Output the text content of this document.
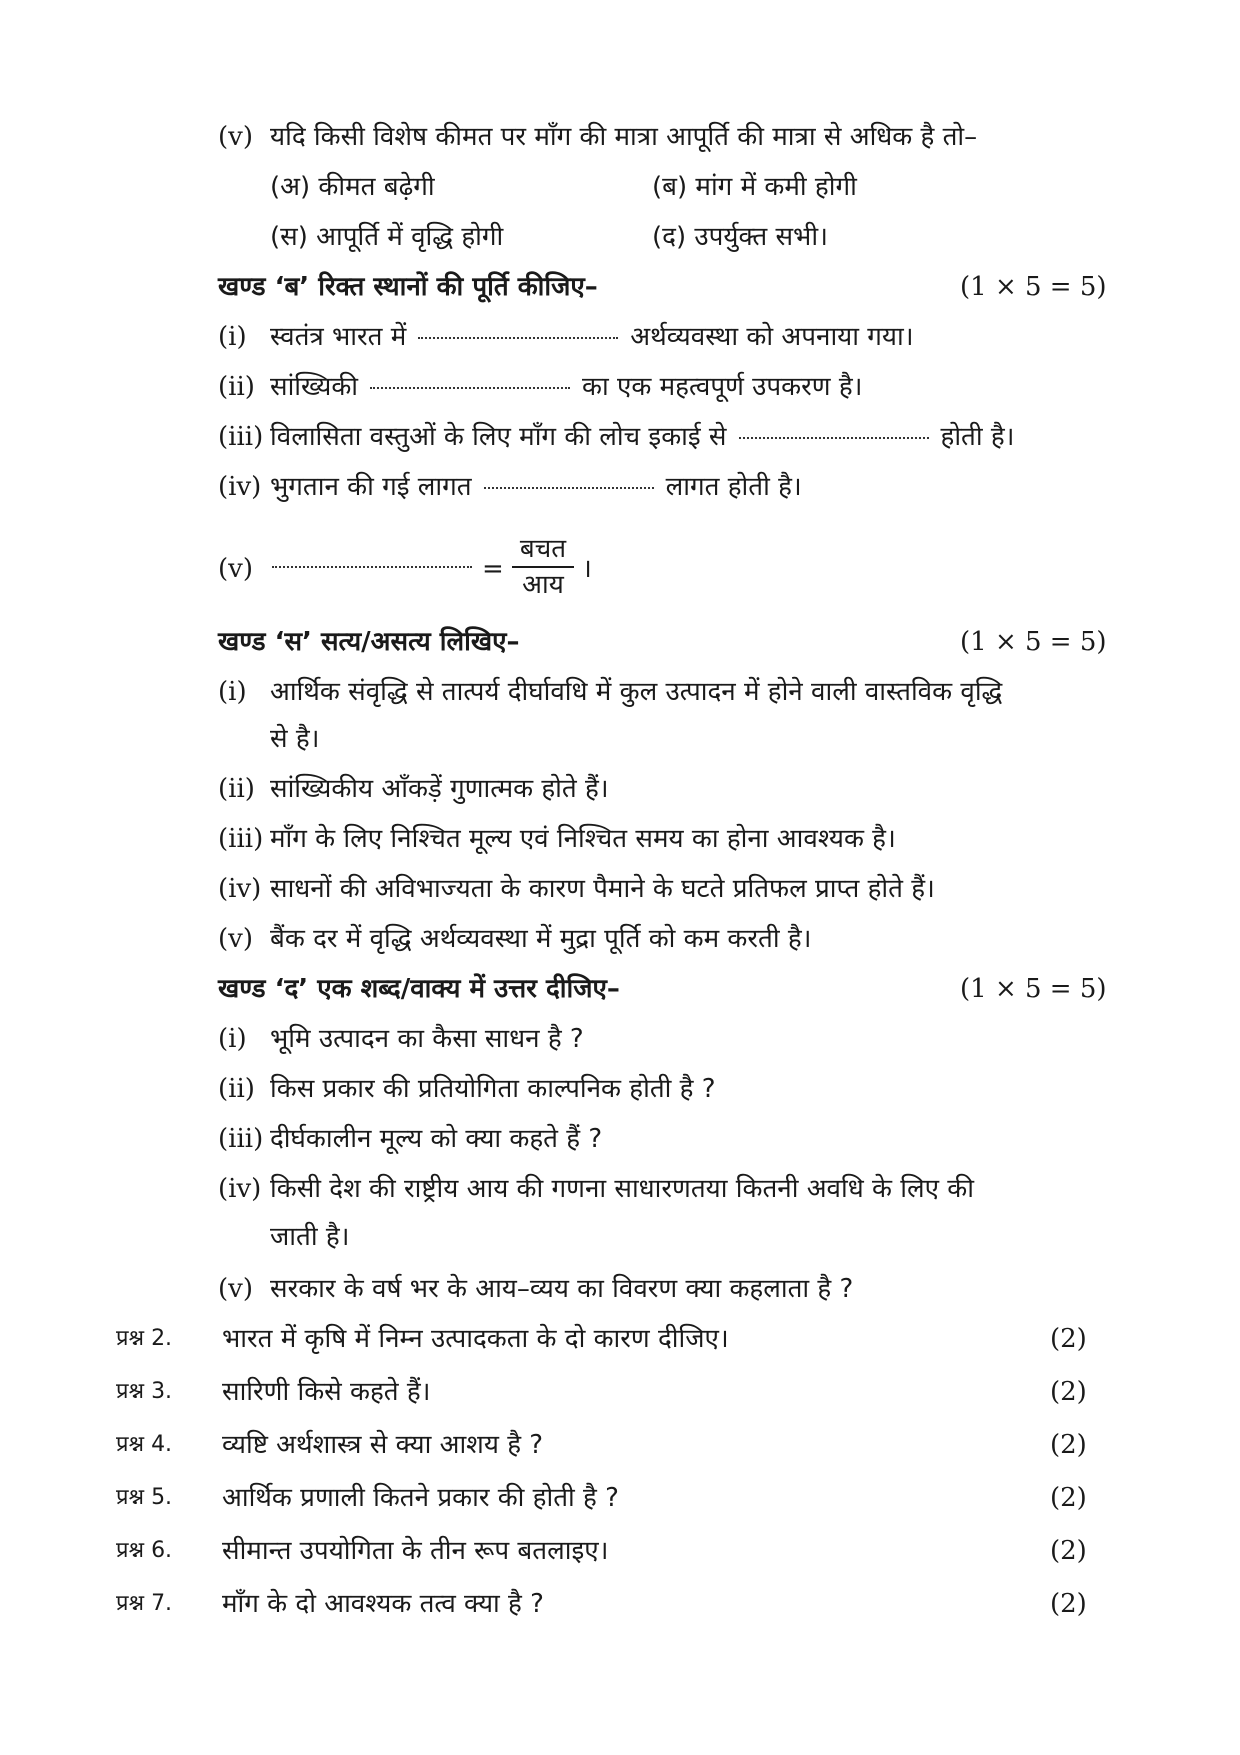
(v) यदि किसी विशेष कीमत पर माँग की मात्रा आपूर्ति की मात्रा से अधिक है तो–
(अ) कीमत बढ़ेगी	(ब) मांग में कमी होगी
(स) आपूर्ति में वृद्धि होगी	(द) उपर्युक्त सभी।
खण्ड ‘ब’ रिक्त स्थानों की पूर्ति कीजिए–	(1 × 5 = 5)
(i) स्वतंत्र भारत में	अर्थव्यवस्था को अपनाया गया।
(ii) सांख्यिकी	का एक महत्वपूर्ण उपकरण है।
(iii) विलासिता वस्तुओं के लिए माँग की लोच इकाई से	होती है।
(iv) भुगतान की गई लागत	लागत होती है।
(v)	=
बचत
आय
।
खण्ड ‘स’ सत्य/असत्य लिखिए–	(1 × 5 = 5)
(i) आर्थिक संवृद्धि से तात्पर्य दीर्घावधि में कुल उत्पादन में होने वाली वास्तविक वृद्धि
से है।
(ii) सांख्यिकीय आँकड़ें गुणात्मक होते हैं।
(iii) माँग के लिए निश्चित मूल्य एवं निश्चित समय का होना आवश्यक है।
(iv) साधनों की अविभाज्यता के कारण पैमाने के घटते प्रतिफल प्राप्त होते हैं।
(v) बैंक दर में वृद्धि अर्थव्यवस्था में मुद्रा पूर्ति को कम करती है।
खण्ड ‘द’ एक शब्द/वाक्य में उत्तर दीजिए–	(1 × 5 = 5)
(i) भूमि उत्पादन का कैसा साधन है ?
(ii) किस प्रकार की प्रतियोगिता काल्पनिक होती है ?
(iii) दीर्घकालीन मूल्य को क्या कहते हैं ?
(iv) किसी देश की राष्ट्रीय आय की गणना साधारणतया कितनी अवधि के लिए की
जाती है।
(v) सरकार के वर्ष भर के आय–व्यय का विवरण क्या कहलाता है ?
प्रश्न 2. भारत में कृषि में निम्न उत्पादकता के दो कारण दीजिए।	(2)
प्रश्न 3. सारिणी किसे कहते हैं।	(2)
प्रश्न 4. व्यष्टि अर्थशास्त्र से क्या आशय है ?	(2)
प्रश्न 5. आर्थिक प्रणाली कितने प्रकार की होती है ?	(2)
प्रश्न 6. सीमान्त उपयोगिता के तीन रूप बतलाइए।	(2)
प्रश्न 7. माँग के दो आवश्यक तत्व क्या है ?	(2)
